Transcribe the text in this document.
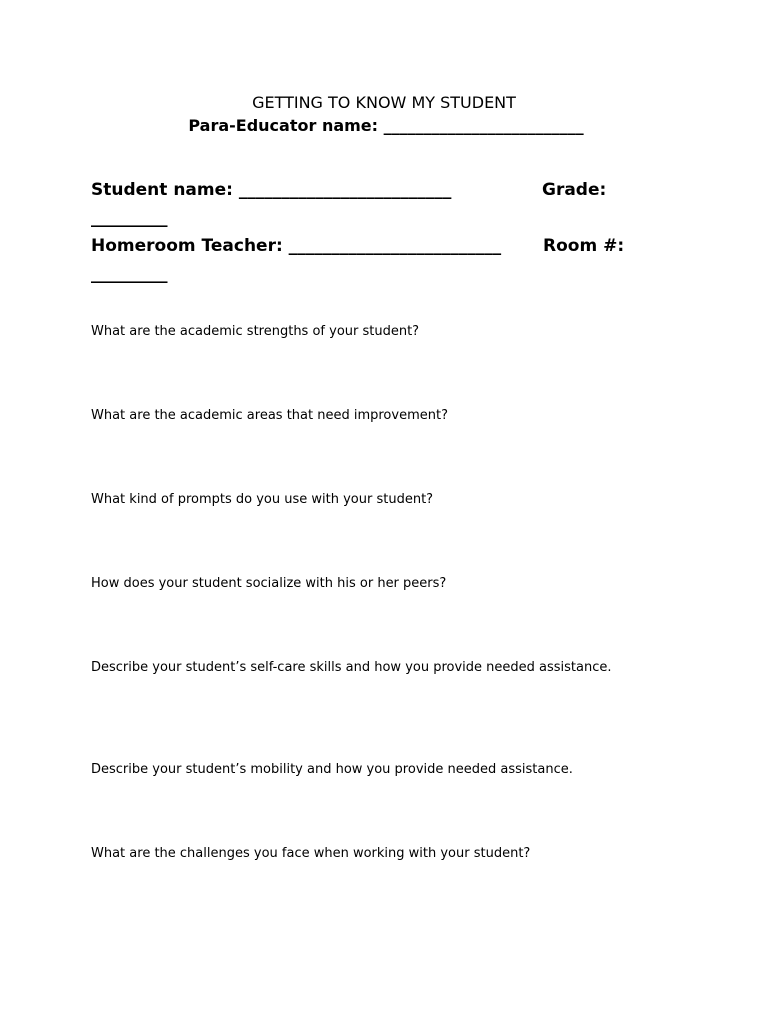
GETTING TO KNOW MY STUDENT
Para-Educator name: _________________________
Student name: _________________________	Grade:
_________
Homeroom Teacher: _________________________ Room #:
_________
What are the academic strengths of your student?
What are the academic areas that need improvement?
What kind of prompts do you use with your student?
How does your student socialize with his or her peers?
Describe your student’s self-care skills and how you provide needed assistance.
Describe your student’s mobility and how you provide needed assistance.
What are the challenges you face when working with your student?
